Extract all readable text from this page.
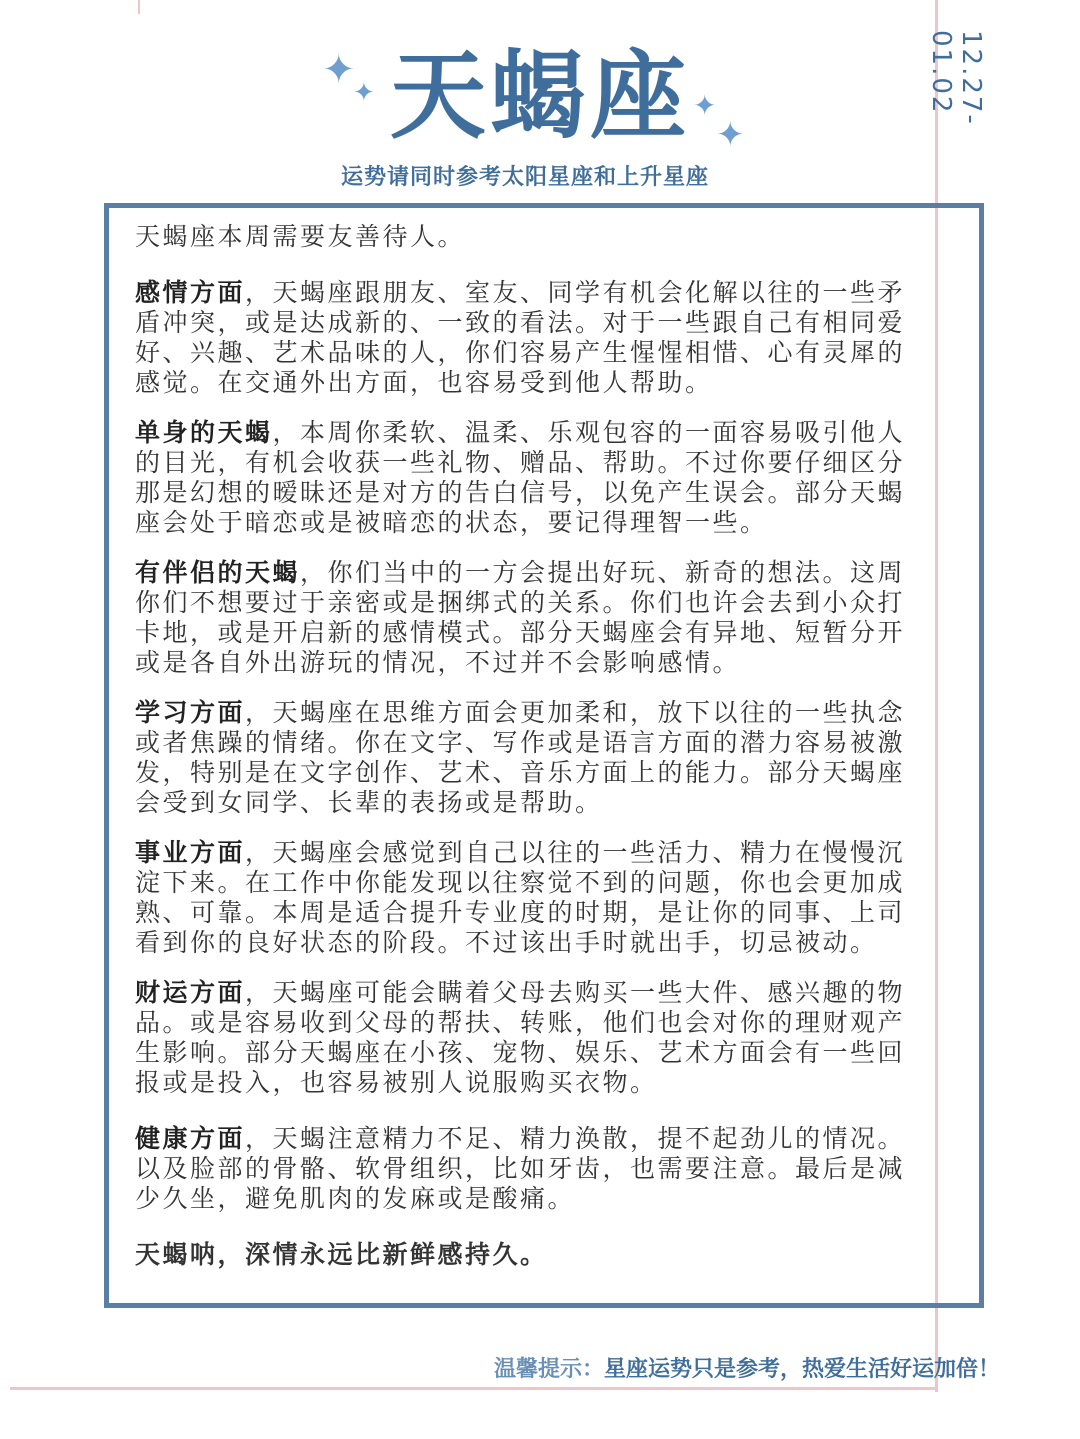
✦
✦	✦
✦
天蝎座
运势请同时参考太阳星座和上升星座
12.27-01.02

天蝎座本周需要友善待人。

感情方面，天蝎座跟朋友、室友、同学有机会化解以往的一些矛盾冲突，或是达成新的、一致的看法。对于一些跟自己有相同爱好、兴趣、艺术品味的人，你们容易产生惺惺相惜、心有灵犀的感觉。在交通外出方面，也容易受到他人帮助。

单身的天蝎，本周你柔软、温柔、乐观包容的一面容易吸引他人的目光，有机会收获一些礼物、赠品、帮助。不过你要仔细区分那是幻想的暧昧还是对方的告白信号，以免产生误会。部分天蝎座会处于暗恋或是被暗恋的状态，要记得理智一些。

有伴侣的天蝎，你们当中的一方会提出好玩、新奇的想法。这周你们不想要过于亲密或是捆绑式的关系。你们也许会去到小众打卡地，或是开启新的感情模式。部分天蝎座会有异地、短暂分开或是各自外出游玩的情况，不过并不会影响感情。

学习方面，天蝎座在思维方面会更加柔和，放下以往的一些执念或者焦躁的情绪。你在文字、写作或是语言方面的潜力容易被激发，特别是在文字创作、艺术、音乐方面上的能力。部分天蝎座会受到女同学、长辈的表扬或是帮助。

事业方面，天蝎座会感觉到自己以往的一些活力、精力在慢慢沉淀下来。在工作中你能发现以往察觉不到的问题，你也会更加成熟、可靠。本周是适合提升专业度的时期，是让你的同事、上司看到你的良好状态的阶段。不过该出手时就出手，切忌被动。

财运方面，天蝎座可能会瞒着父母去购买一些大件、感兴趣的物品。或是容易收到父母的帮扶、转账，他们也会对你的理财观产生影响。部分天蝎座在小孩、宠物、娱乐、艺术方面会有一些回报或是投入，也容易被别人说服购买衣物。

健康方面，天蝎注意精力不足、精力涣散，提不起劲儿的情况。以及脸部的骨骼、软骨组织，比如牙齿，也需要注意。最后是减少久坐，避免肌肉的发麻或是酸痛。

天蝎呐，深情永远比新鲜感持久。

温馨提示：星座运势只是参考，热爱生活好运加倍！
